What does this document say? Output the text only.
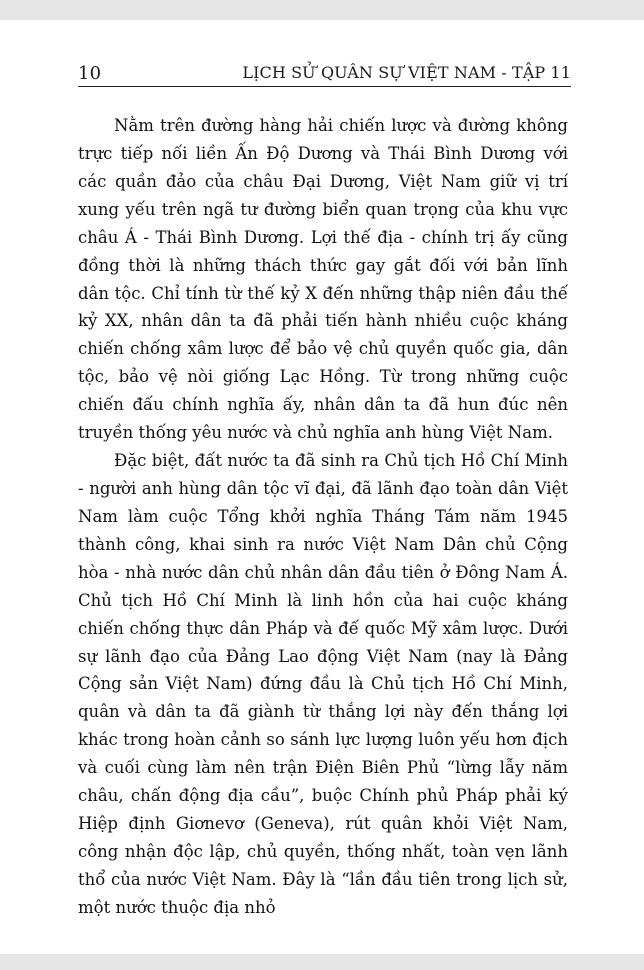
10	LỊCH SỬ QUÂN SỰ VIỆT NAM - TẬP 11

Nằm trên đường hàng hải chiến lược và đường không trực tiếp nối liền Ấn Độ Dương và Thái Bình Dương với các quần đảo của châu Đại Dương, Việt Nam giữ vị trí xung yếu trên ngã tư đường biển quan trọng của khu vực châu Á - Thái Bình Dương. Lợi thế địa - chính trị ấy cũng đồng thời là những thách thức gay gắt đối với bản lĩnh dân tộc. Chỉ tính từ thế kỷ X đến những thập niên đầu thế kỷ XX, nhân dân ta đã phải tiến hành nhiều cuộc kháng chiến chống xâm lược để bảo vệ chủ quyền quốc gia, dân tộc, bảo vệ nòi giống Lạc Hồng. Từ trong những cuộc chiến đấu chính nghĩa ấy, nhân dân ta đã hun đúc nên truyền thống yêu nước và chủ nghĩa anh hùng Việt Nam.

Đặc biệt, đất nước ta đã sinh ra Chủ tịch Hồ Chí Minh - người anh hùng dân tộc vĩ đại, đã lãnh đạo toàn dân Việt Nam làm cuộc Tổng khởi nghĩa Tháng Tám năm 1945 thành công, khai sinh ra nước Việt Nam Dân chủ Cộng hòa - nhà nước dân chủ nhân dân đầu tiên ở Đông Nam Á. Chủ tịch Hồ Chí Minh là linh hồn của hai cuộc kháng chiến chống thực dân Pháp và đế quốc Mỹ xâm lược. Dưới sự lãnh đạo của Đảng Lao động Việt Nam (nay là Đảng Cộng sản Việt Nam) đứng đầu là Chủ tịch Hồ Chí Minh, quân và dân ta đã giành từ thắng lợi này đến thắng lợi khác trong hoàn cảnh so sánh lực lượng luôn yếu hơn địch và cuối cùng làm nên trận Điện Biên Phủ “lừng lẫy năm châu, chấn động địa cầu”, buộc Chính phủ Pháp phải ký Hiệp định Giơnevơ (Geneva), rút quân khỏi Việt Nam, công nhận độc lập, chủ quyền, thống nhất, toàn vẹn lãnh thổ của nước Việt Nam. Đây là “lần đầu tiên trong lịch sử, một nước thuộc địa nhỏ
